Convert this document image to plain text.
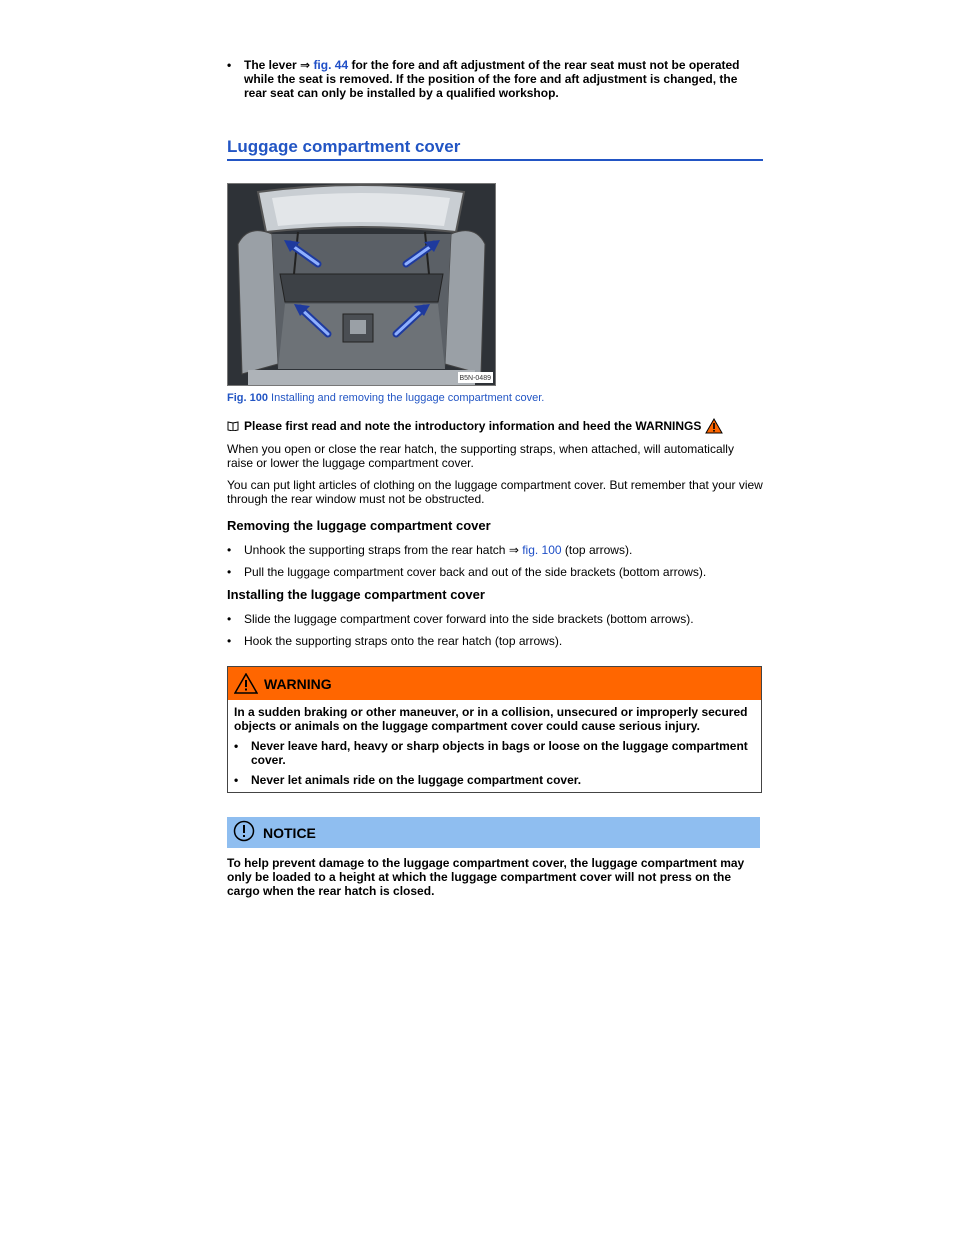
•	The lever ⇒ fig. 44 for the fore and aft adjustment of the rear seat must not be operated while the seat is removed. If the position of the fore and aft adjustment is changed, the rear seat can only be installed by a qualified workshop.
Luggage compartment cover
B5N-0489
Fig. 100 Installing and removing the luggage compartment cover.
Please first read and note the introductory information and heed the WARNINGS

When you open or close the rear hatch, the supporting straps, when attached, will automatically raise or lower the luggage compartment cover.

You can put light articles of clothing on the luggage compartment cover. But remember that your view through the rear window must not be obstructed.

Removing the luggage compartment cover
•	Unhook the supporting straps from the rear hatch ⇒ fig. 100 (top arrows).
•	Pull the luggage compartment cover back and out of the side brackets (bottom arrows).
Installing the luggage compartment cover
•	Slide the luggage compartment cover forward into the side brackets (bottom arrows).
•	Hook the supporting straps onto the rear hatch (top arrows).
WARNING
In a sudden braking or other maneuver, or in a collision, unsecured or improperly secured objects or animals on the luggage compartment cover could cause serious injury.
•	Never leave hard, heavy or sharp objects in bags or loose on the luggage compartment cover.
•	Never let animals ride on the luggage compartment cover.
NOTICE
To help prevent damage to the luggage compartment cover, the luggage compartment may only be loaded to a height at which the luggage compartment cover will not press on the cargo when the rear hatch is closed.
